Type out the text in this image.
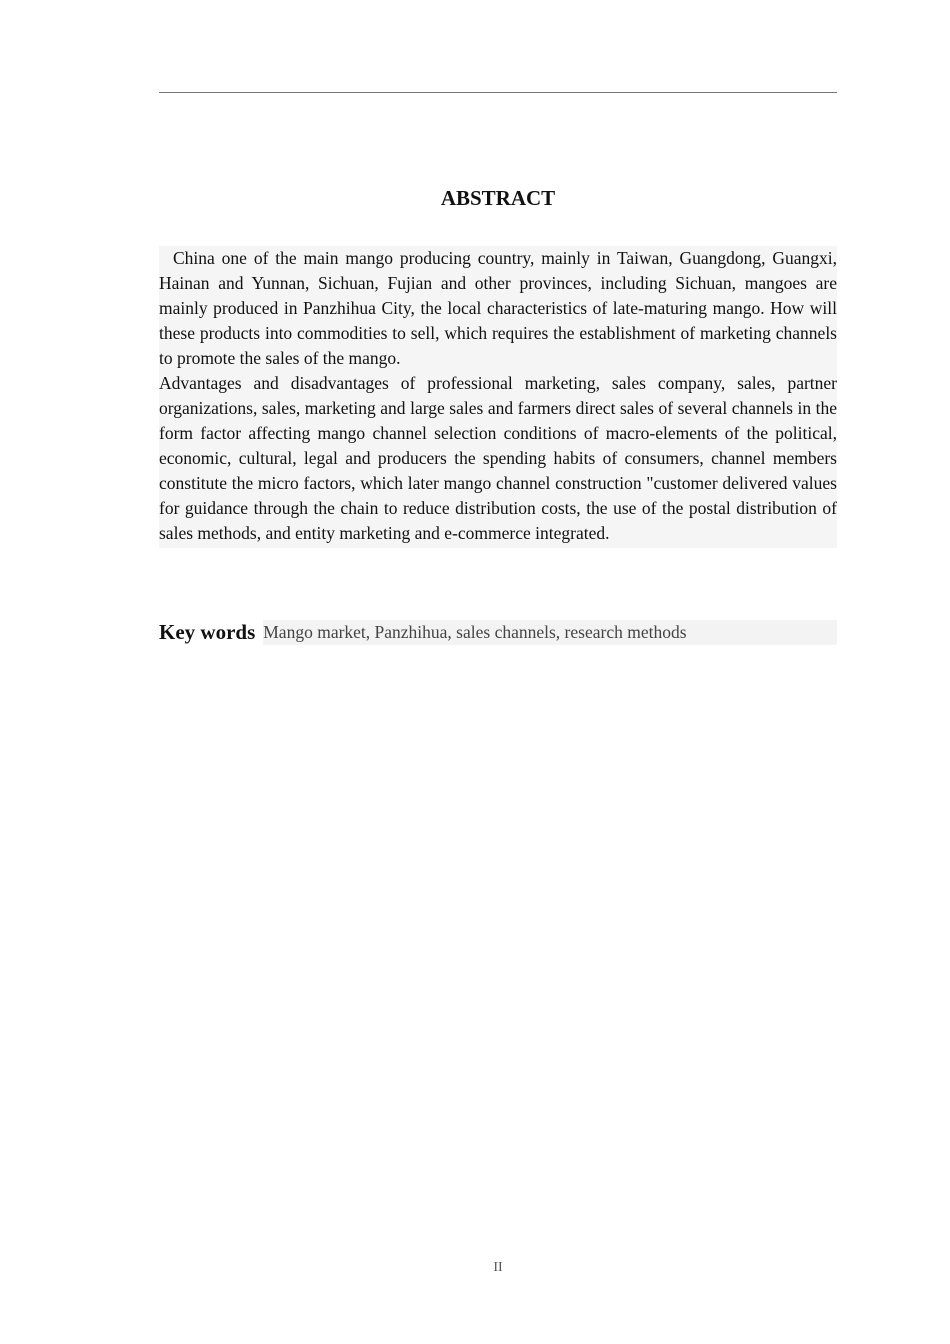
ABSTRACT

China one of the main mango producing country, mainly in Taiwan, Guangdong, Guangxi, Hainan and Yunnan, Sichuan, Fujian and other provinces, including Sichuan, mangoes are mainly produced in Panzhihua City, the local characteristics of late-maturing mango. How will these products into commodities to sell, which requires the establishment of marketing channels to promote the sales of the mango.

Advantages and disadvantages of professional marketing, sales company, sales, partner organizations, sales, marketing and large sales and farmers direct sales of several channels in the form factor affecting mango channel selection conditions of macro-elements of the political, economic, cultural, legal and producers the spending habits of consumers, channel members constitute the micro factors, which later mango channel construction "customer delivered values for guidance through the chain to reduce distribution costs, the use of the postal distribution of sales methods, and entity marketing and e-commerce integrated.

Key words Mango market, Panzhihua, sales channels, research methods
II
